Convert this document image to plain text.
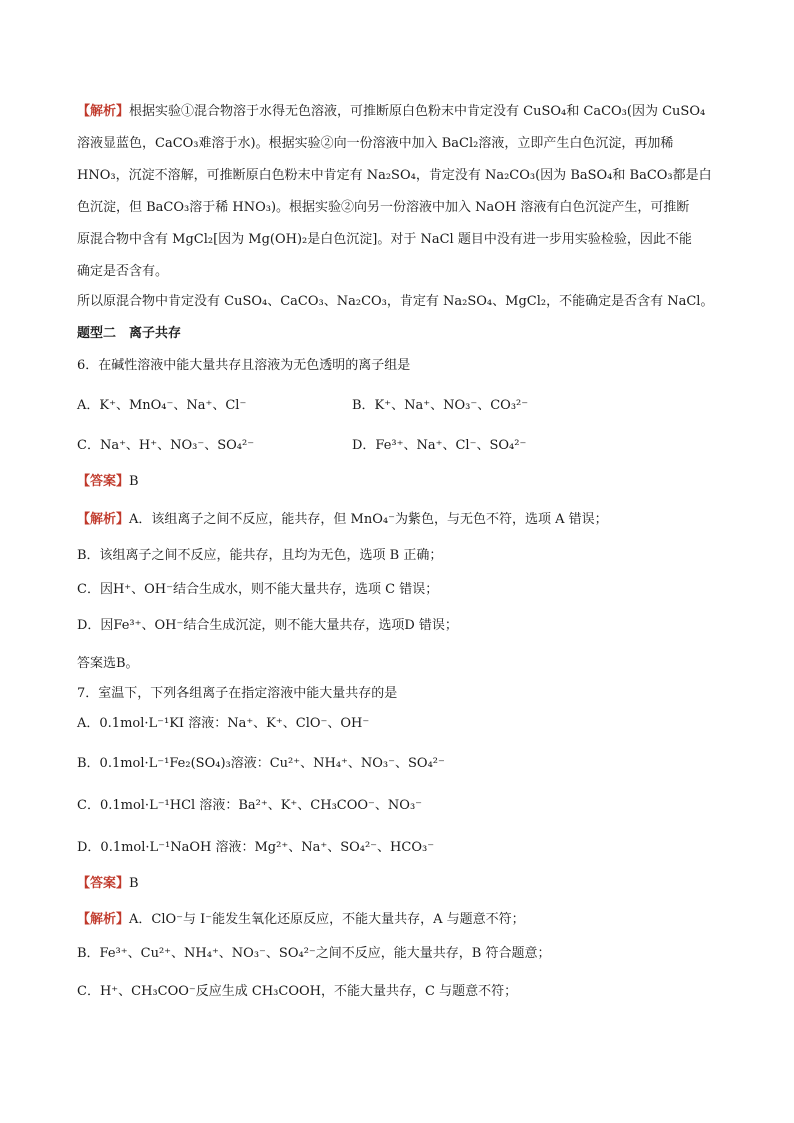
【解析】根据实验①混合物溶于水得无色溶液，可推断原白色粉末中肯定没有 CuSO₄和 CaCO₃(因为 CuSO₄
溶液显蓝色，CaCO₃难溶于水)。根据实验②向一份溶液中加入 BaCl₂溶液，立即产生白色沉淀，再加稀
HNO₃，沉淀不溶解，可推断原白色粉末中肯定有 Na₂SO₄，肯定没有 Na₂CO₃(因为 BaSO₄和 BaCO₃都是白
色沉淀，但 BaCO₃溶于稀 HNO₃)。根据实验②向另一份溶液中加入 NaOH 溶液有白色沉淀产生，可推断
原混合物中含有 MgCl₂[因为 Mg(OH)₂是白色沉淀]。对于 NaCl 题目中没有进一步用实验检验，因此不能
确定是否含有。
所以原混合物中肯定没有 CuSO₄、CaCO₃、Na₂CO₃，肯定有 Na₂SO₄、MgCl₂，不能确定是否含有 NaCl。
题型二　离子共存
6．在碱性溶液中能大量共存且溶液为无色透明的离子组是
A．K⁺、MnO₄⁻、Na⁺、Cl⁻	B．K⁺、Na⁺、NO₃⁻、CO₃²⁻
C．Na⁺、H⁺、NO₃⁻、SO₄²⁻	D．Fe³⁺、Na⁺、Cl⁻、SO₄²⁻
【答案】B
【解析】A．该组离子之间不反应，能共存，但 MnO₄⁻为紫色，与无色不符，选项 A 错误；
B．该组离子之间不反应，能共存，且均为无色，选项 B 正确；
C．因H⁺、OH⁻结合生成水，则不能大量共存，选项 C 错误；
D．因Fe³⁺、OH⁻结合生成沉淀，则不能大量共存，选项D 错误；
答案选B。
7．室温下，下列各组离子在指定溶液中能大量共存的是
A．0.1mol·L⁻¹KI 溶液：Na⁺、K⁺、ClO⁻、OH⁻
B．0.1mol·L⁻¹Fe₂(SO₄)₃溶液：Cu²⁺、NH₄⁺、NO₃⁻、SO₄²⁻
C．0.1mol·L⁻¹HCl 溶液：Ba²⁺、K⁺、CH₃COO⁻、NO₃⁻
D．0.1mol·L⁻¹NaOH 溶液：Mg²⁺、Na⁺、SO₄²⁻、HCO₃⁻
【答案】B
【解析】A．ClO⁻与 I⁻能发生氧化还原反应，不能大量共存，A 与题意不符；
B．Fe³⁺、Cu²⁺、NH₄⁺、NO₃⁻、SO₄²⁻之间不反应，能大量共存，B 符合题意；
C．H⁺、CH₃COO⁻反应生成 CH₃COOH，不能大量共存，C 与题意不符；
